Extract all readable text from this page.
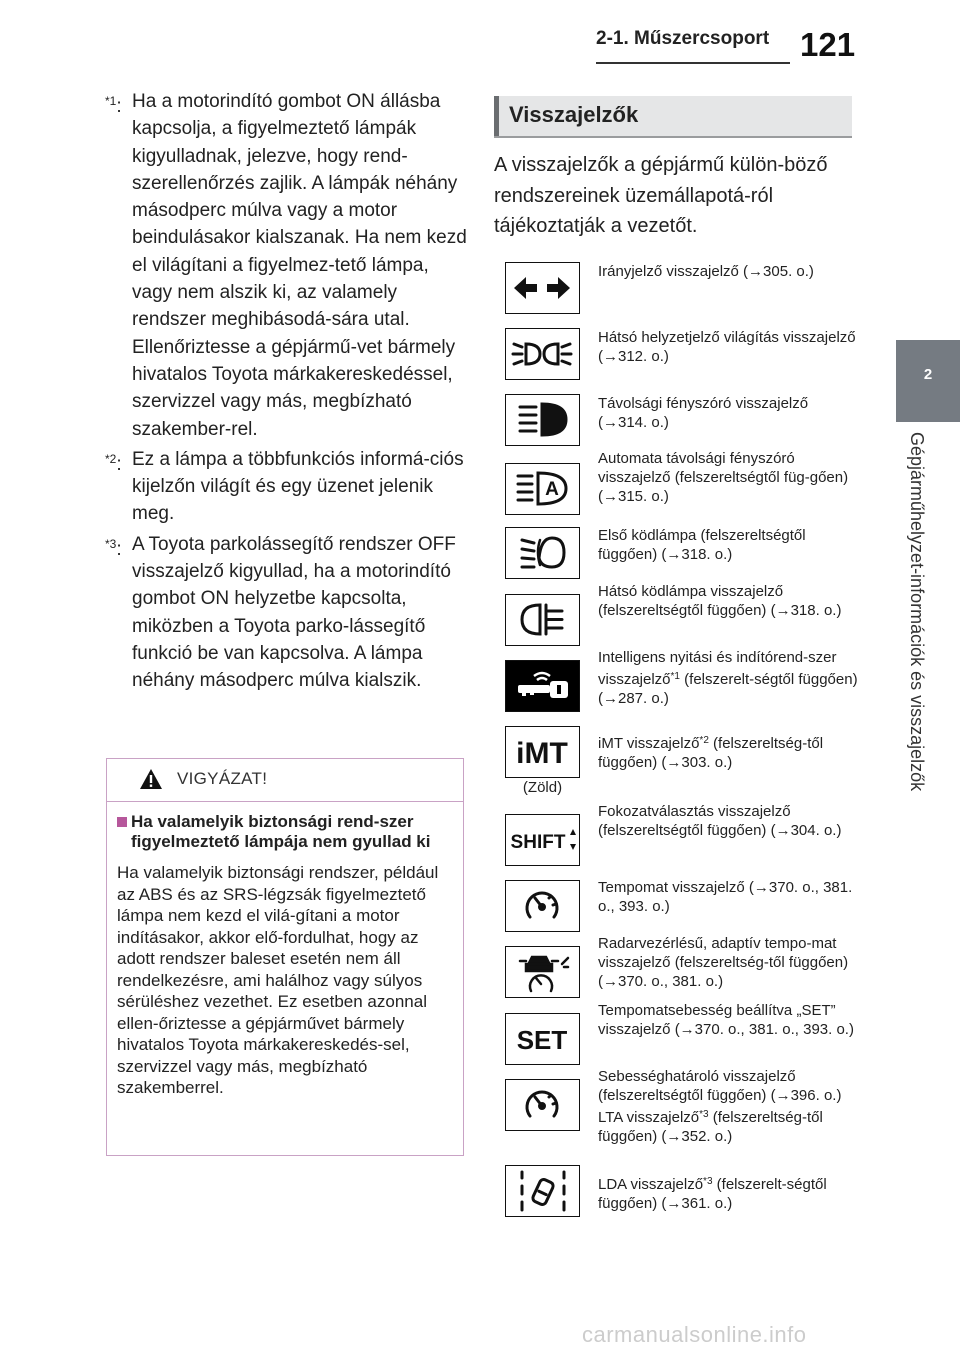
2-1. Műszercsoport 121
2
Gépjárműhelyzet-információk és visszajelzők
$^{*1}$: Ha a motorindító gombot ON állásba kapcsolja, a figyelmeztető lámpák kigyulladnak, jelezve, hogy rend-szerellenőrzés zajlik. A lámpák néhány másodperc múlva vagy a motor beindulásakor kialszanak. Ha nem kezd el világítani a figyelmez-tető lámpa, vagy nem alszik ki, az valamely rendszer meghibásodá-sára utal. Ellenőriztesse a gépjármű-vet bármely hivatalos Toyota márkakereskedéssel, szervizzel vagy más, megbízható szakember-rel.
$^{*2}$: Ez a lámpa a többfunkciós informá-ciós kijelzőn világít és egy üzenet jelenik meg.
$^{*3}$: A Toyota parkolássegítő rendszer OFF visszajelző kigyullad, ha a motorindító gombot ON helyzetbe kapcsolta, miközben a Toyota parko-lássegítő funkció be van kapcsolva. A lámpa néhány másodperc múlva kialszik.
VIGYÁZAT!
Ha valamelyik biztonsági rend-szer figyelmeztető lámpája nem gyullad ki
Ha valamelyik biztonsági rendszer, például az ABS és az SRS-légzsák figyelmeztető lámpa nem kezd el vilá-gítani a motor indításakor, akkor elő-fordulhat, hogy az adott rendszer baleset esetén nem áll rendelkezésre, ami halálhoz vagy súlyos sérüléshez vezethet. Ez esetben azonnal ellen-őriztesse a gépjárművet bármely hivatalos Toyota márkakereskedés-sel, szervizzel vagy más, megbízható szakemberrel.
Visszajelzők
A visszajelzők a gépjármű külön-böző rendszereinek üzemállapotá-ról tájékoztatják a vezetőt.
Irányjelző visszajelző (→305. o.)
Hátsó helyzetjelző világítás visszajelző (→312. o.)
Távolsági fényszóró visszajelző (→314. o.)
A
Automata távolsági fényszóró visszajelző (felszereltségtől füg-gően) (→315. o.)
Első ködlámpa (felszereltségtől függően) (→318. o.)
Hátsó ködlámpa visszajelző (felszereltségtől függően) (→318. o.)
Intelligens nyitási és indítórend-szer visszajelző$^{*1}$ (felszerelt-ségtől függően) (→287. o.)
iMT
(Zöld)
iMT visszajelző$^{*2}$ (felszereltség-től függően) (→303. o.)
SHIFT
Fokozatválasztás visszajelző (felszereltségtől függően) (→304. o.)
Tempomat visszajelző (→370. o., 381. o., 393. o.)
Radarvezérlésű, adaptív tempo-mat visszajelző (felszereltség-től függően) (→370. o., 381. o.)
SET
Tempomatsebesség beállítva „SET” visszajelző (→370. o., 381. o., 393. o.)
Sebességhatároló visszajelző (felszereltségtől függően) (→396. o.)
LTA visszajelző$^{*3}$ (felszereltség-től függően) (→352. o.)
LDA visszajelző$^{*3}$ (felszerelt-ségtől függően) (→361. o.)
carmanualsonline.info
